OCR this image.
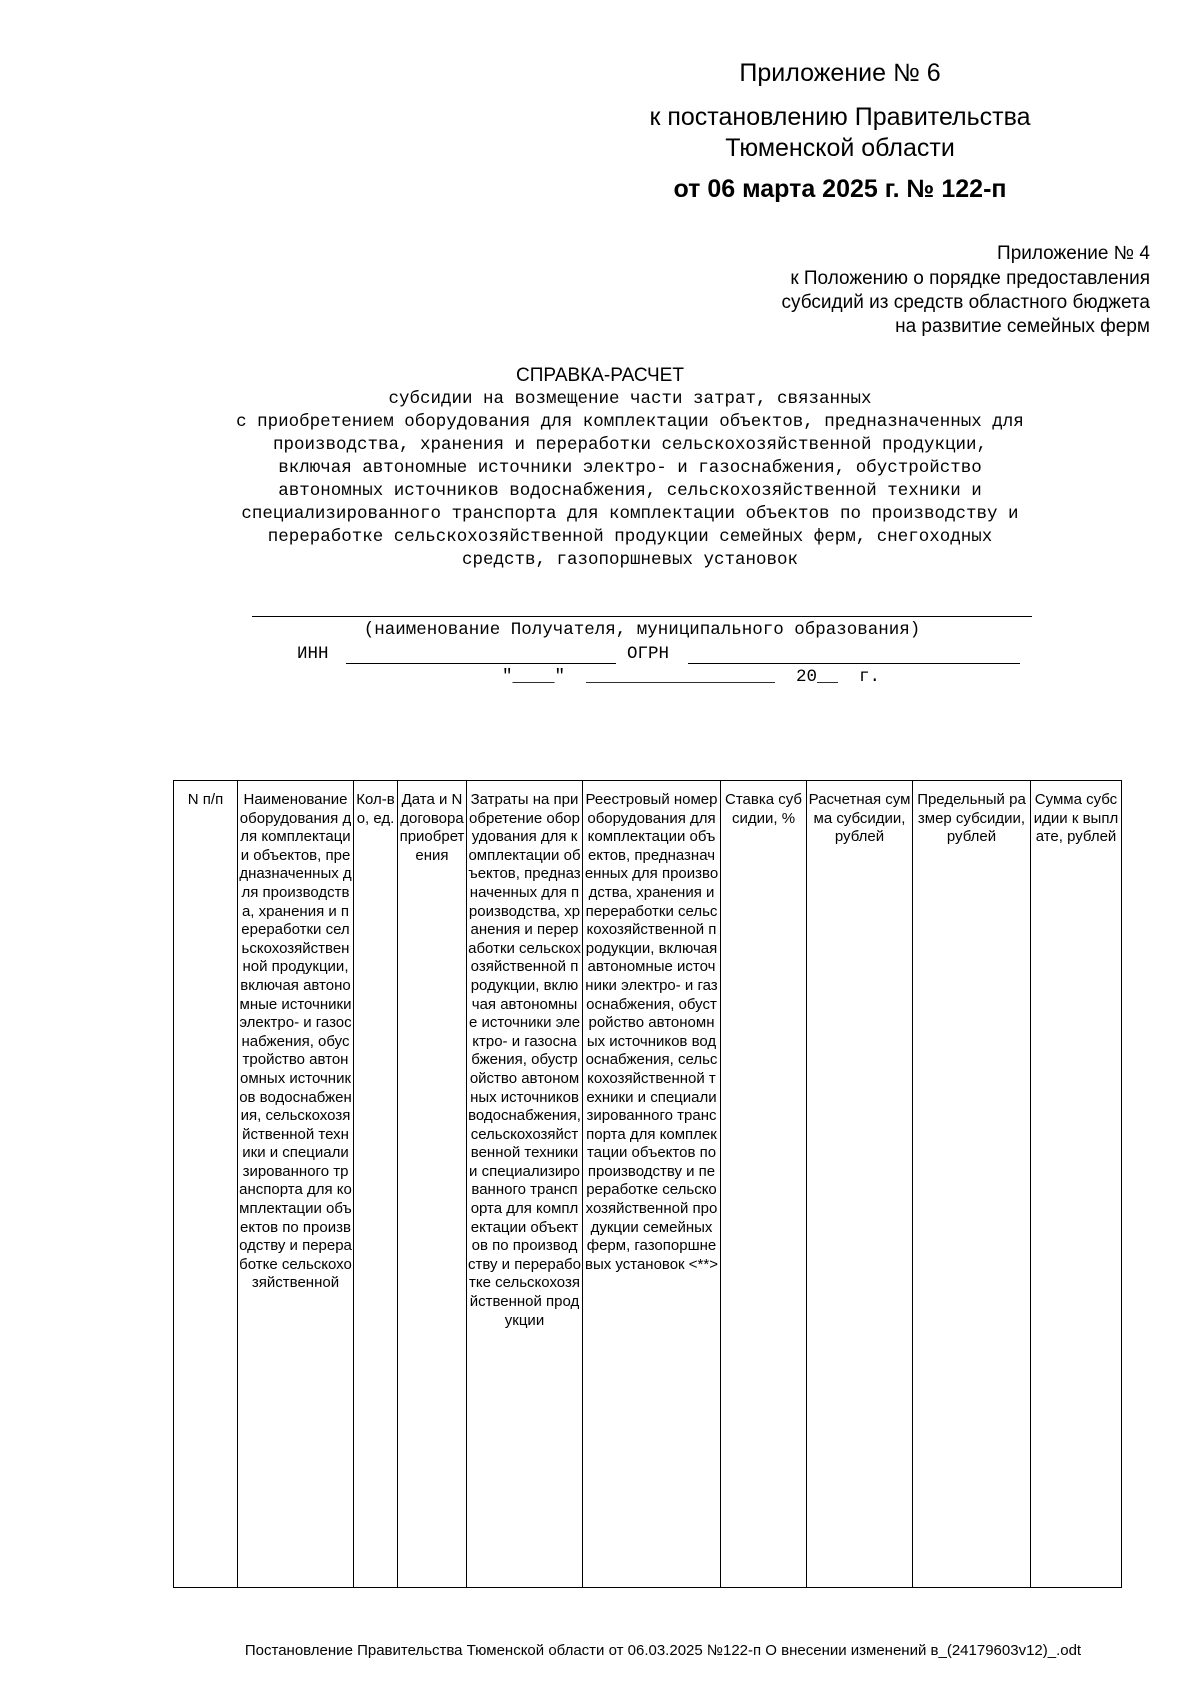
Приложение № 6
к постановлению Правительства
Тюменской области
от 06 марта 2025 г. № 122-п
Приложение № 4
к Положению о порядке предоставления
субсидий из средств областного бюджета
на развитие семейных ферм
СПРАВКА-РАСЧЕТ
субсидии на возмещение части затрат, связанных
с приобретением оборудования для комплектации объектов, предназначенных для
производства, хранения и переработки сельскохозяйственной продукции,
включая автономные источники электро- и газоснабжения, обустройство
автономных источников водоснабжения, сельскохозяйственной техники и
специализированного транспорта для комплектации объектов по производству и
переработке сельскохозяйственной продукции семейных ферм, снегоходных
средств, газопоршневых установок
(наименование Получателя, муниципального образования)
ИНН	ОГРН
"____"  __________________  20__  г.
N п/п	Наименование оборудования для комплектации объектов, предназначенных для производства, хранения и переработки сельскохозяйственной продукции, включая автономные источники электро- и газоснабжения, обустройство автономных источников водоснабжения, сельскохозяйственной техники и специализированного транспорта для комплектации объектов по производству и переработке сельскохозяйственной	Кол-во, ед.	Дата и N договора приобретения	Затраты на приобретение оборудования для комплектации объектов, предназначенных для производства, хранения и переработки сельскохозяйственной продукции, включая автономные источники электро- и газоснабжения, обустройство автономных источников водоснабжения, сельскохозяйственной техники и специализированного транспорта для комплектации объектов по производству и переработке сельскохозяйственной продукции	Реестровый номер оборудования для комплектации объектов, предназначенных для производства, хранения и переработки сельскохозяйственной продукции, включая автономные источники электро- и газоснабжения, обустройство автономных источников водоснабжения, сельскохозяйственной техники и специализированного транспорта для комплектации объектов по производству и переработке сельскохозяйственной продукции семейных ферм, газопоршневых установок <**>	Ставка субсидии, %	Расчетная сумма субсидии, рублей	Предельный размер субсидии, рублей	Сумма субсидии к выплате, рублей
Постановление Правительства Тюменской области от 06.03.2025 №122-п О внесении изменений в_(24179603v12)_.odt
